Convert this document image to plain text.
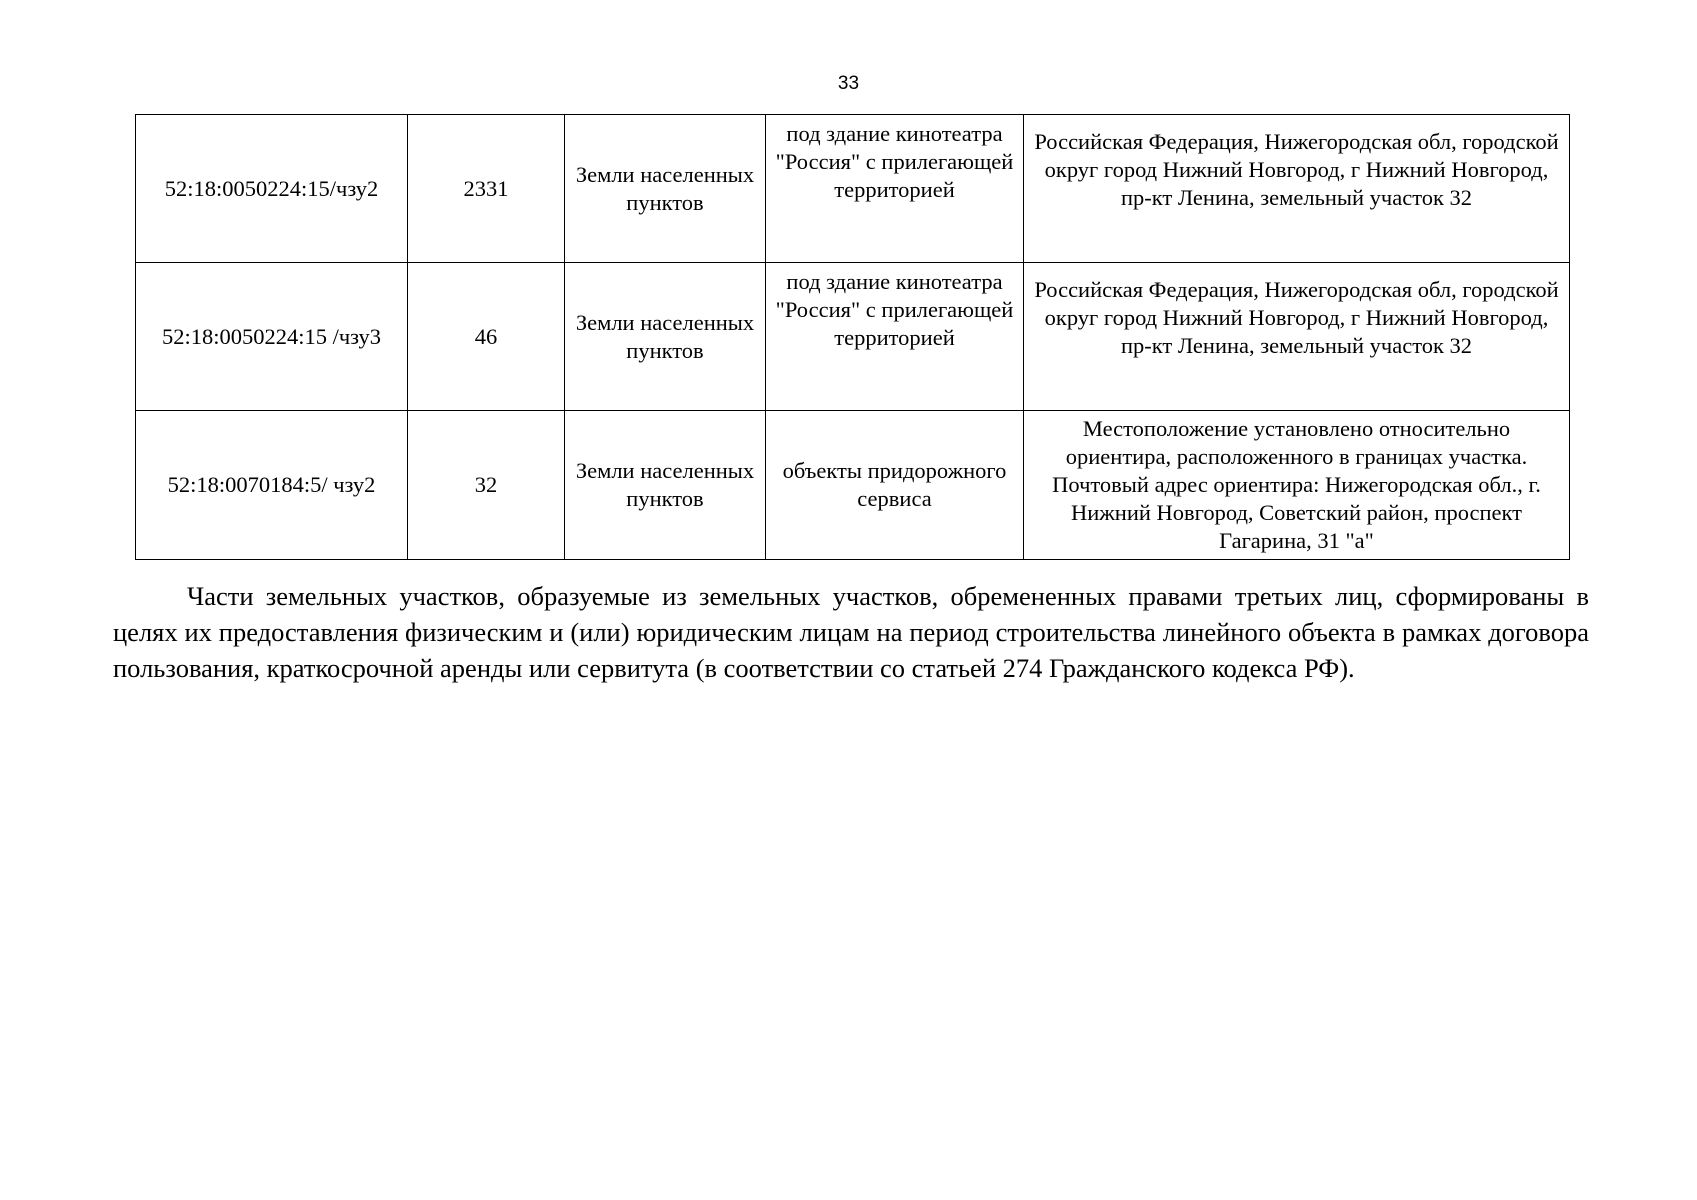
33
52:18:0050224:15/чзу2	2331	Земли населенных пунктов	под здание кинотеатра "Россия" с прилегающей территорией	Российская Федерация, Нижегородская обл, городской округ город Нижний Новгород, г Нижний Новгород, пр-кт Ленина, земельный участок 32
52:18:0050224:15 /чзу3	46	Земли населенных пунктов	под здание кинотеатра "Россия" с прилегающей территорией	Российская Федерация, Нижегородская обл, городской округ город Нижний Новгород, г Нижний Новгород, пр-кт Ленина, земельный участок 32
52:18:0070184:5/ чзу2	32	Земли населенных пунктов	объекты придорожного сервиса	Местоположение установлено относительно ориентира, расположенного в границах участка. Почтовый адрес ориентира: Нижегородская обл., г. Нижний Новгород, Советский район, проспект Гагарина, 31 "а"

Части земельных участков, образуемые из земельных участков, обремененных правами третьих лиц, сформированы в целях их предоставления физическим и (или) юридическим лицам на период строительства линейного объекта в рамках договора пользования, краткосрочной аренды или сервитута (в соответствии со статьей 274 Гражданского кодекса РФ).
